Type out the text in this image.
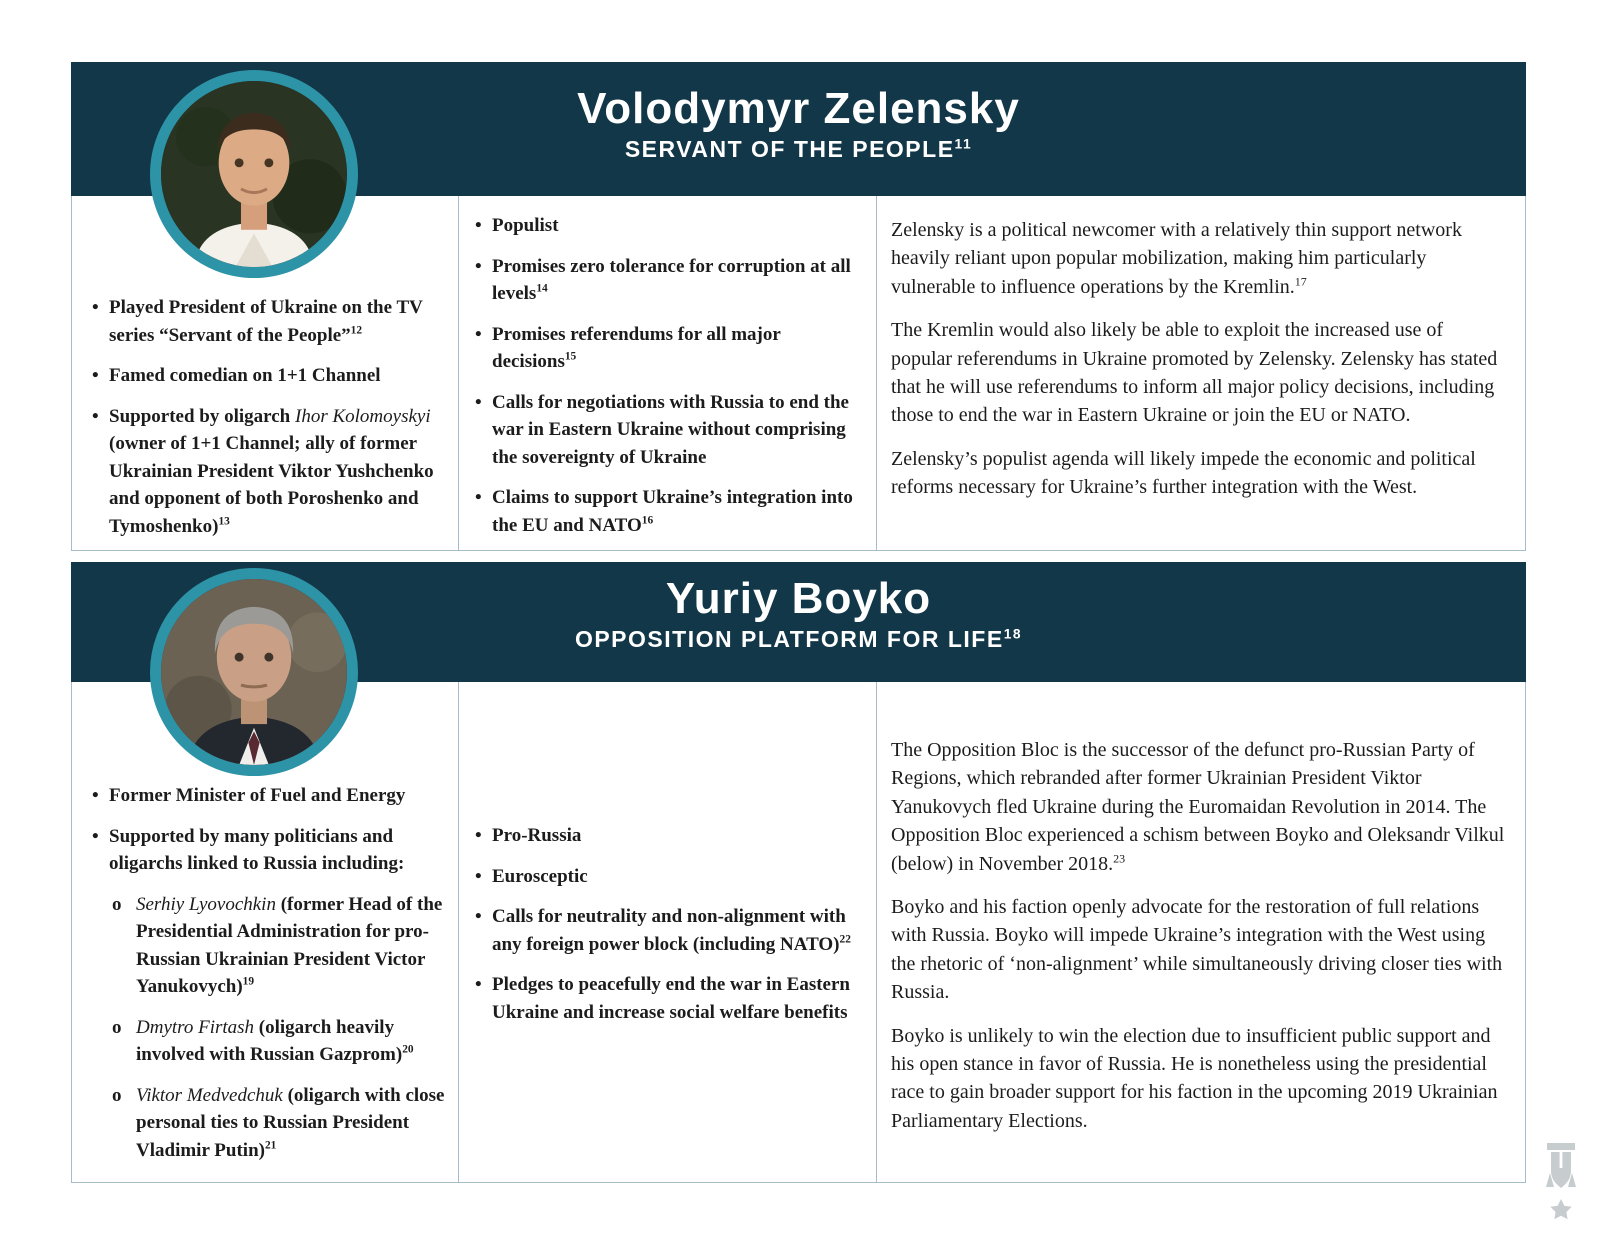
Volodymyr Zelensky
SERVANT OF THE PEOPLE$^{11}$
• Played President of Ukraine on the TV series “Servant of the People”$^{12}$
• Famed comedian on 1+1 Channel
• Supported by oligarch Ihor Kolomoyskyi (owner of 1+1 Channel; ally of former Ukrainian President Viktor Yushchenko and opponent of both Poroshenko and Tymoshenko)$^{13}$
• Populist
• Promises zero tolerance for corruption at all levels$^{14}$
• Promises referendums for all major decisions$^{15}$
• Calls for negotiations with Russia to end the war in Eastern Ukraine without comprising the sovereignty of Ukraine
• Claims to support Ukraine’s integration into the EU and NATO$^{16}$
Zelensky is a political newcomer with a relatively thin support network heavily reliant upon popular mobilization, making him particularly vulnerable to influence operations by the Kremlin.$^{17}$
The Kremlin would also likely be able to exploit the increased use of popular referendums in Ukraine promoted by Zelensky. Zelensky has stated that he will use referendums to inform all major policy decisions, including those to end the war in Eastern Ukraine or join the EU or NATO.
Zelensky’s populist agenda will likely impede the economic and political reforms necessary for Ukraine’s further integration with the West.
Yuriy Boyko
OPPOSITION PLATFORM FOR LIFE$^{18}$
• Former Minister of Fuel and Energy
• Supported by many politicians and oligarchs linked to Russia including:
o Serhiy Lyovochkin (former Head of the Presidential Administration for pro-Russian Ukrainian President Victor Yanukovych)$^{19}$
o Dmytro Firtash (oligarch heavily involved with Russian Gazprom)$^{20}$
o Viktor Medvedchuk (oligarch with close personal ties to Russian President Vladimir Putin)$^{21}$
• Pro-Russia
• Eurosceptic
• Calls for neutrality and non-alignment with any foreign power block (including NATO)$^{22}$
• Pledges to peacefully end the war in Eastern Ukraine and increase social welfare benefits
The Opposition Bloc is the successor of the defunct pro-Russian Party of Regions, which rebranded after former Ukrainian President Viktor Yanukovych fled Ukraine during the Euromaidan Revolution in 2014. The Opposition Bloc experienced a schism between Boyko and Oleksandr Vilkul (below) in November 2018.23
Boyko and his faction openly advocate for the restoration of full relations with Russia. Boyko will impede Ukraine’s integration with the West using the rhetoric of ‘non-alignment’ while simultaneously driving closer ties with Russia.
Boyko is unlikely to win the election due to insufficient public support and his open stance in favor of Russia. He is nonetheless using the presidential race to gain broader support for his faction in the upcoming 2019 Ukrainian Parliamentary Elections.
